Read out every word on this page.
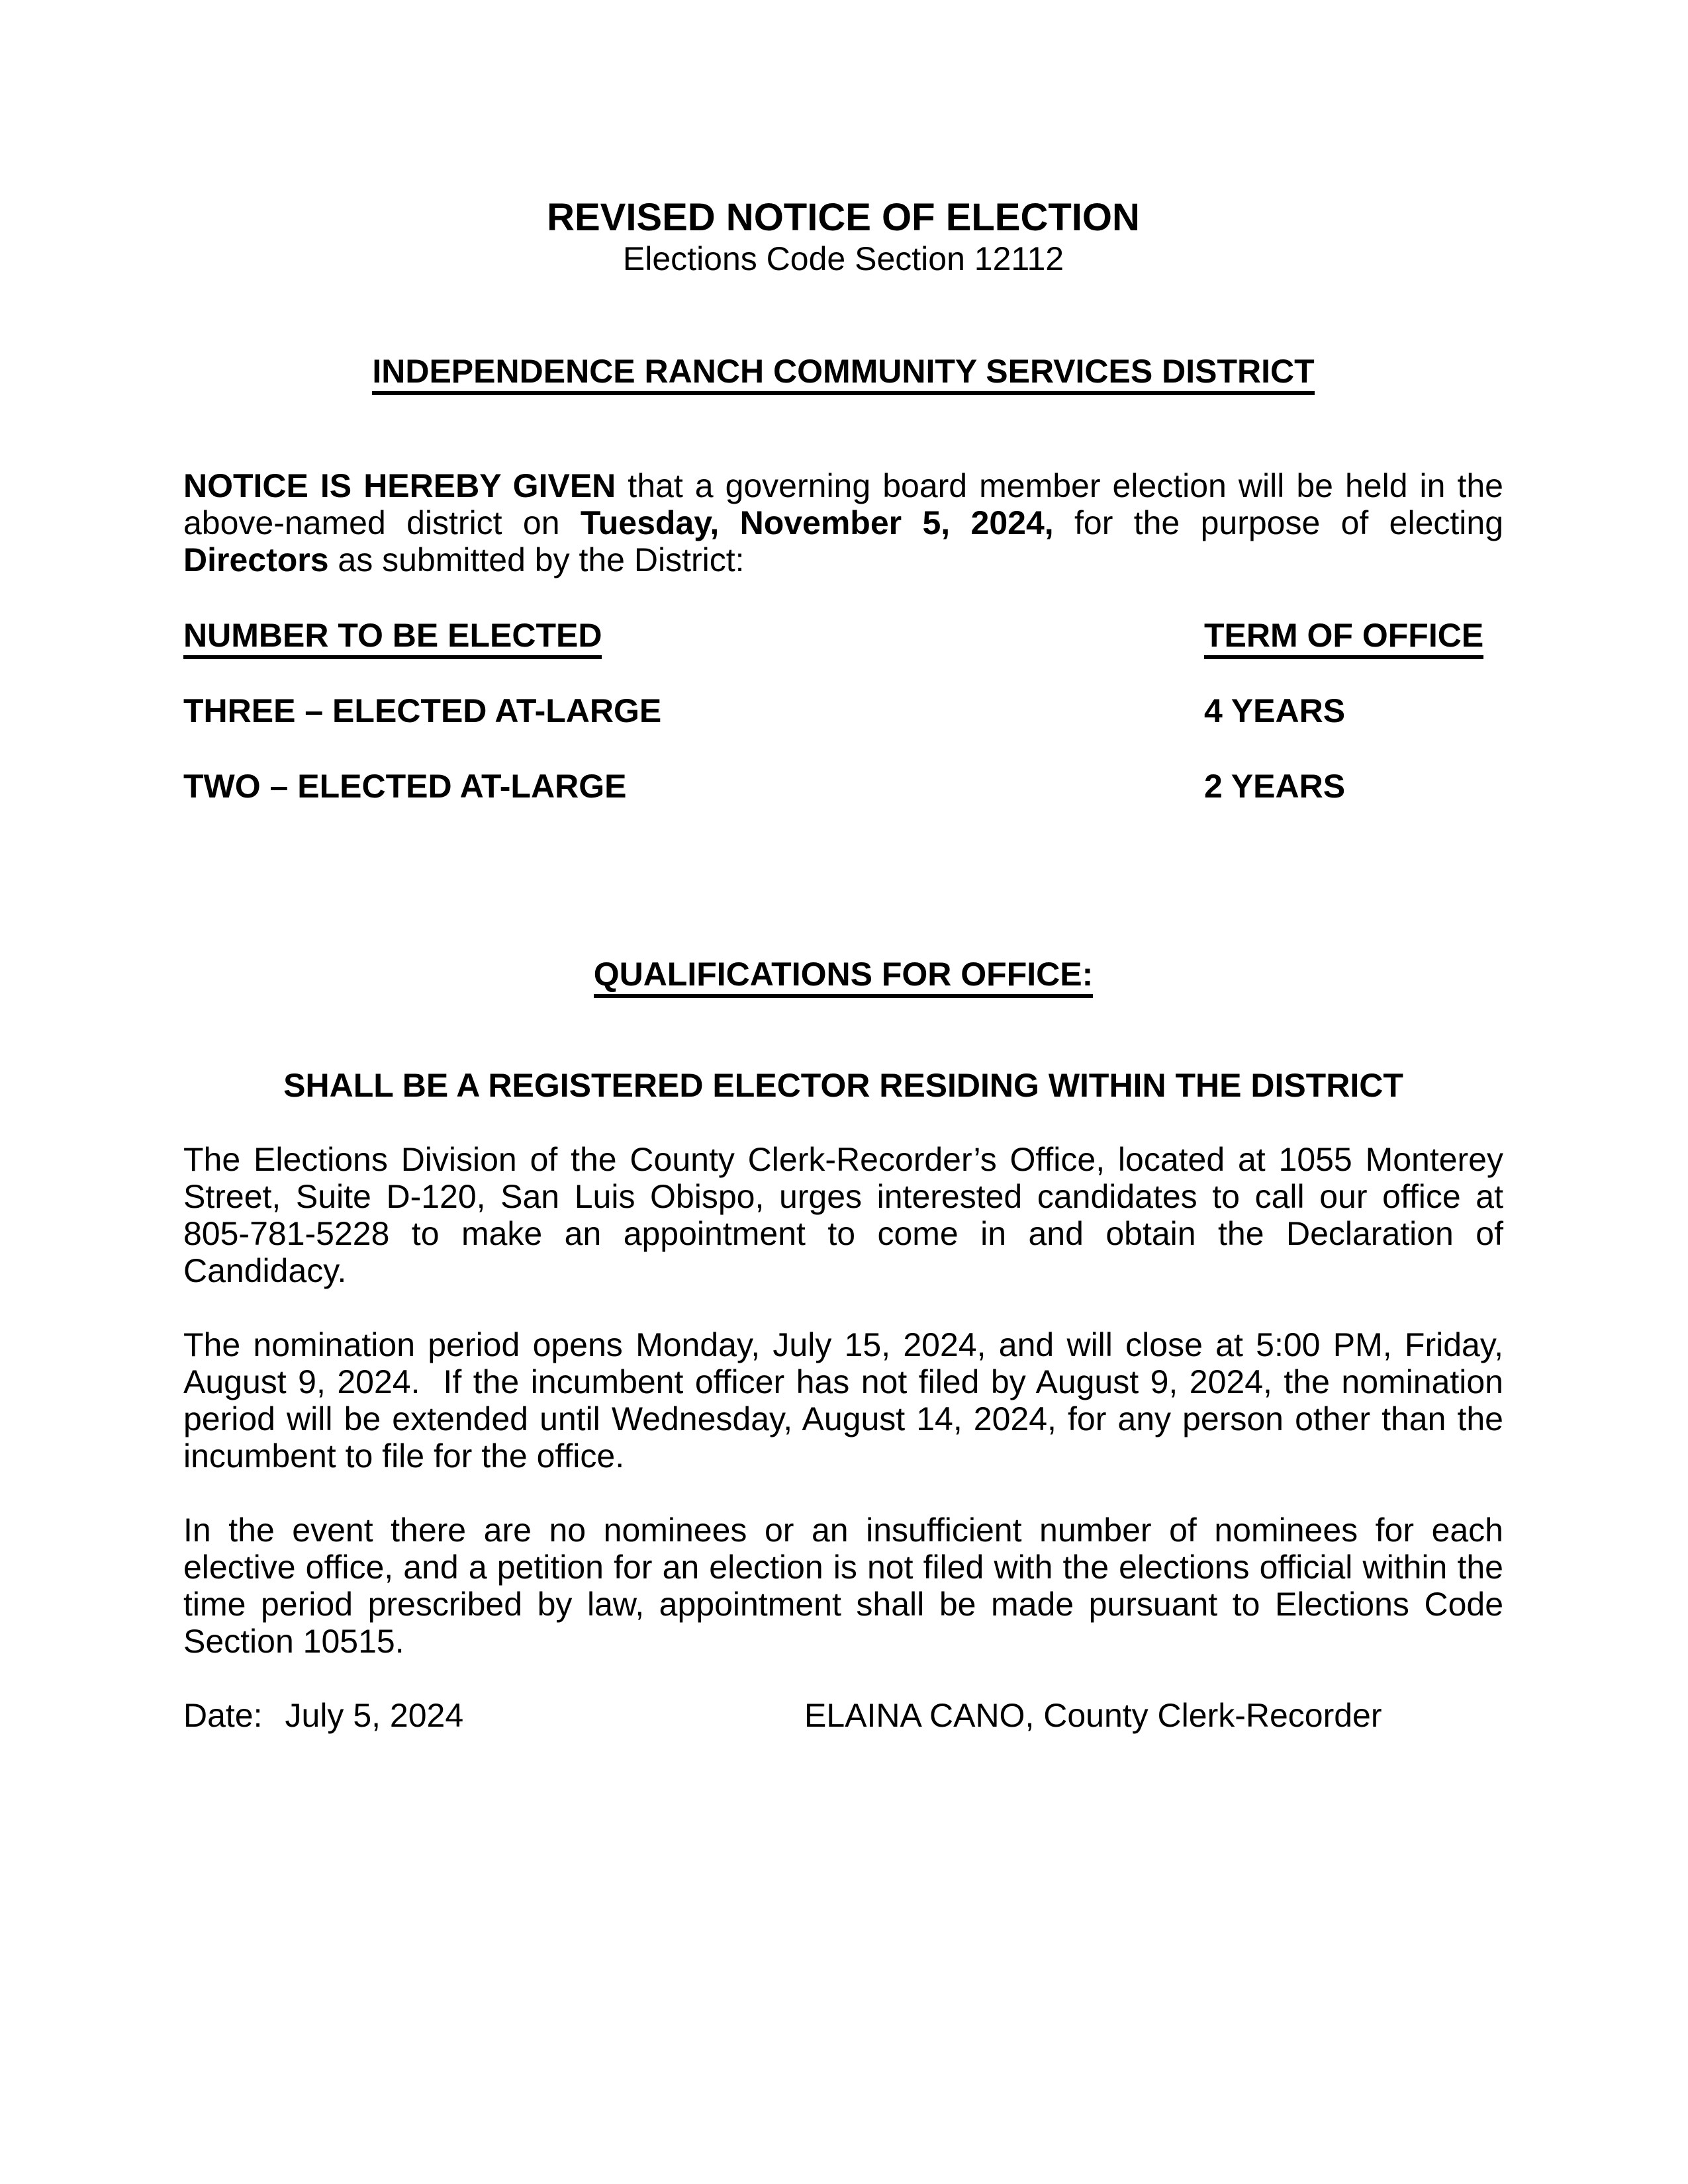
REVISED NOTICE OF ELECTION
Elections Code Section 12112
INDEPENDENCE RANCH COMMUNITY SERVICES DISTRICT
NOTICE IS HEREBY GIVEN that a governing board member election will be held in the above-named district on Tuesday, November 5, 2024, for the purpose of electing Directors as submitted by the District:
NUMBER TO BE ELECTED	TERM OF OFFICE
THREE – ELECTED AT-LARGE	4 YEARS
TWO – ELECTED AT-LARGE	2 YEARS
QUALIFICATIONS FOR OFFICE:
SHALL BE A REGISTERED ELECTOR RESIDING WITHIN THE DISTRICT
The Elections Division of the County Clerk-Recorder’s Office, located at 1055 Monterey Street, Suite D-120, San Luis Obispo, urges interested candidates to call our office at 805-781-5228 to make an appointment to come in and obtain the Declaration of Candidacy.
The nomination period opens Monday, July 15, 2024, and will close at 5:00 PM, Friday, August 9, 2024.  If the incumbent officer has not filed by August 9, 2024, the nomination period will be extended until Wednesday, August 14, 2024, for any person other than the incumbent to file for the office.
In the event there are no nominees or an insufficient number of nominees for each elective office, and a petition for an election is not filed with the elections official within the time period prescribed by law, appointment shall be made pursuant to Elections Code Section 10515.
Date: July 5, 2024	ELAINA CANO, County Clerk-Recorder
